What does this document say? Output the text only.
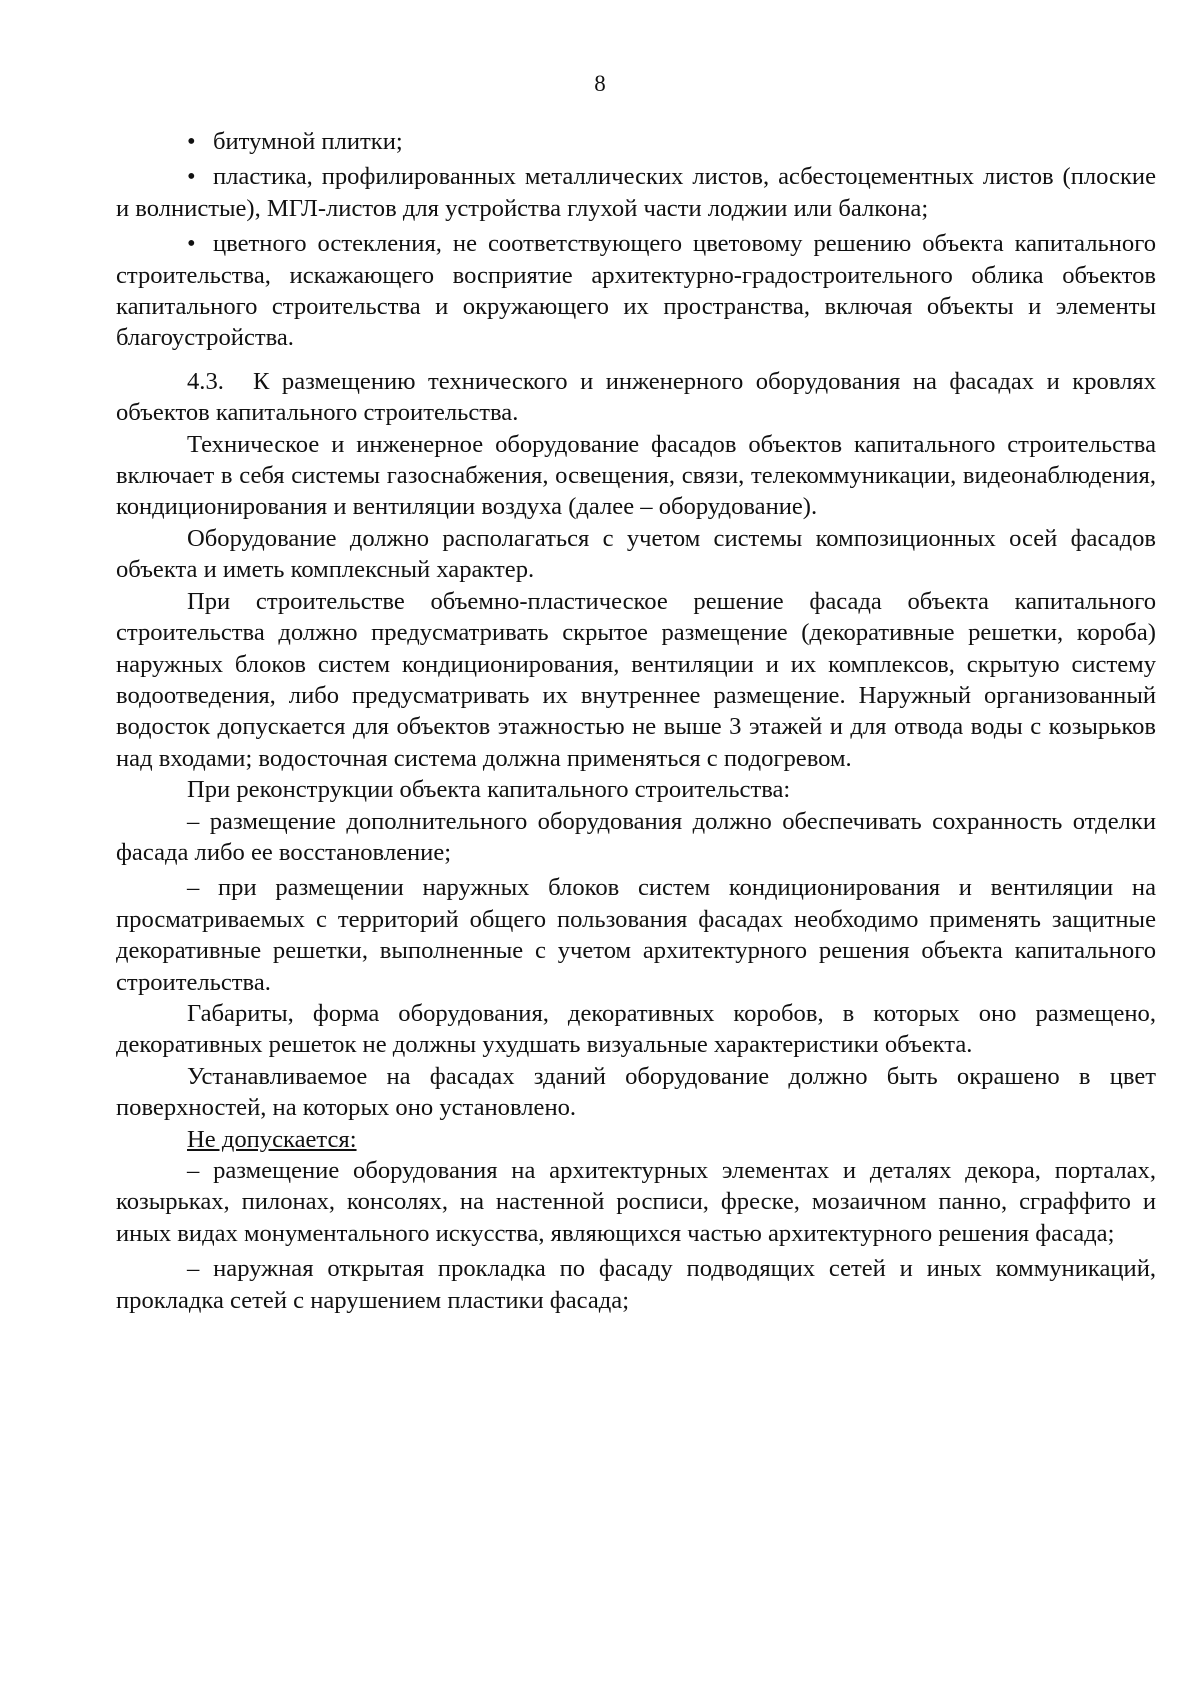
8

• битумной плитки;

• пластика, профилированных металлических листов, асбестоцементных листов (плоские и волнистые), МГЛ-листов для устройства глухой части лоджии или балкона;

• цветного остекления, не соответствующего цветовому решению объекта капитального строительства, искажающего восприятие архитектурно-градостроительного облика объектов капитального строительства и окружающего их пространства, включая объекты и элементы благоустройства.

4.3. К размещению технического и инженерного оборудования на фасадах и кровлях объектов капитального строительства.

Техническое и инженерное оборудование фасадов объектов капитального строительства включает в себя системы газоснабжения, освещения, связи, телекоммуникации, видеонаблюдения, кондиционирования и вентиляции воздуха (далее – оборудование).

Оборудование должно располагаться с учетом системы композиционных осей фасадов объекта и иметь комплексный характер.

При строительстве объемно-пластическое решение фасада объекта капитального строительства должно предусматривать скрытое размещение (декоративные решетки, короба) наружных блоков систем кондиционирования, вентиляции и их комплексов, скрытую систему водоотведения, либо предусматривать их внутреннее размещение. Наружный организованный водосток допускается для объектов этажностью не выше 3 этажей и для отвода воды с козырьков над входами; водосточная система должна применяться с подогревом.

При реконструкции объекта капитального строительства:

– размещение дополнительного оборудования должно обеспечивать сохранность отделки фасада либо ее восстановление;

– при размещении наружных блоков систем кондиционирования и вентиляции на просматриваемых с территорий общего пользования фасадах необходимо применять защитные декоративные решетки, выполненные с учетом архитектурного решения объекта капитального строительства.

Габариты, форма оборудования, декоративных коробов, в которых оно размещено, декоративных решеток не должны ухудшать визуальные характеристики объекта.

Устанавливаемое на фасадах зданий оборудование должно быть окрашено в цвет поверхностей, на которых оно установлено.

Не допускается:

– размещение оборудования на архитектурных элементах и деталях декора, порталах, козырьках, пилонах, консолях, на настенной росписи, фреске, мозаичном панно, сграффито и иных видах монументального искусства, являющихся частью архитектурного решения фасада;

– наружная открытая прокладка по фасаду подводящих сетей и иных коммуникаций, прокладка сетей с нарушением пластики фасада;
